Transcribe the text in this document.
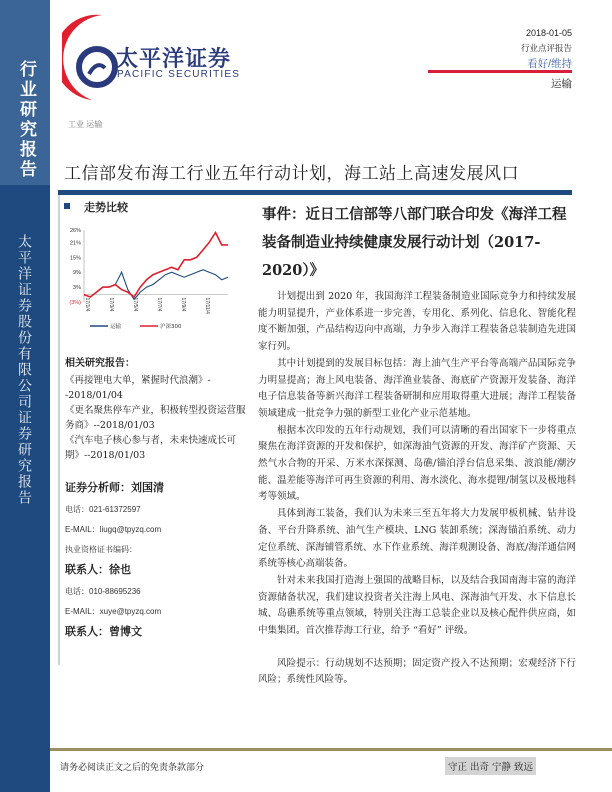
行业研究报告
太平洋证券股份有限公司证券研究报告
太平洋证券
PACIFIC SECURITIES
2018-01-05
行业点评报告
看好/维持
运输
工业 运输
工信部发布海工行业五年行动计划，海工站上高速发展风口
走势比较
26%
21%
15%
9%
3%
(3%) 17/1/4	17/3/4	17/5/4	17/7/4	17/9/4	17/11/4
运输	沪深300
相关研究报告：
《再接锂电大单，紧握时代浪潮》--2018/01/04
《更名聚焦停车产业，积极转型投资运营服务商》--2018/01/03
《汽车电子核心参与者，未来快速成长可期》--2018/01/03
证券分析师：刘国清
电话：021-61372597
E-MAIL：liugq@tpyzq.com
执业资格证书编码：
联系人：徐也
电话：010-88695236
E-MAIL：xuye@tpyzq.com
联系人：曾博文
事件：近日工信部等八部门联合印发《海洋工程装备制造业持续健康发展行动计划（2017-2020）》

计划提出到 2020 年，我国海洋工程装备制造业国际竞争力和持续发展能力明显提升，产业体系进一步完善，专用化、系列化、信息化、智能化程度不断加强，产品结构迈向中高端，力争步入海洋工程装备总装制造先进国家行列。

其中计划提到的发展目标包括：海上油气生产平台等高端产品国际竞争力明显提高；海上风电装备、海洋渔业装备、海底矿产资源开发装备、海洋电子信息装备等新兴海洋工程装备研制和应用取得重大进展；海洋工程装备领域建成一批竞争力强的新型工业化产业示范基地。

根据本次印发的五年行动规划，我们可以清晰的看出国家下一步将重点聚焦在海洋资源的开发和保护，如深海油气资源的开发、海洋矿产资源、天然气水合物的开采、万米水深探测、岛礁/锚泊浮台信息采集、波浪能/潮汐能、温差能等海洋可再生资源的利用、海水淡化、海水提锂/制氢以及极地科考等领域。

具体到海工装备，我们认为未来三至五年将大力发展甲板机械、钻井设备、平台升降系统、油气生产模块、LNG 装卸系统；深海锚泊系统、动力定位系统、深海铺管系统、水下作业系统、海洋观测设备、海底/海洋通信网系统等核心高端装备。

针对未来我国打造海上强国的战略目标，以及结合我国南海丰富的海洋资源储备状况，我们建议投资者关注海上风电、深海油气开发、水下信息长城、岛礁系统等重点领域，特别关注海工总装企业以及核心配件供应商，如中集集团。首次推荐海工行业，给予 “看好” 评级。

风险提示：行动规划不达预期；固定资产投入不达预期；宏观经济下行风险；系统性风险等。

请务必阅读正文之后的免责条款部分	守正 出奇 宁静 致远
